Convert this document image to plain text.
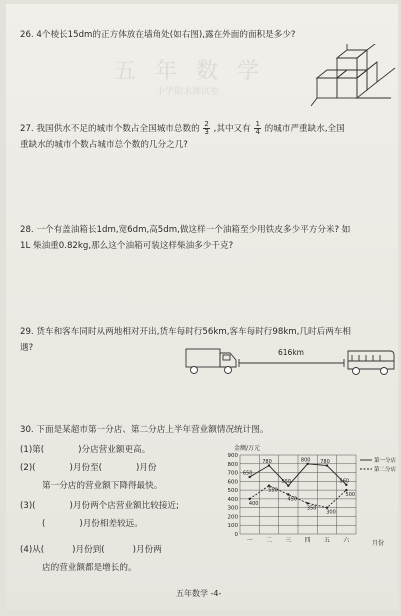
五 年 数 学
小学期末测试卷
26. 4个棱长15dm的正方体放在墙角处(如右图),露在外面的面积是多少?
27. 我国供水不足的城市个数占全国城市总数的 $\frac{2}{3}$ ,其中又有 $\frac{1}{4}$ 的城市严重缺水,全国
重缺水的城市个数占城市总个数的几分之几?
28. 一个有盖油箱长1dm,宽6dm,高5dm,做这样一个油箱至少用铁皮多少平方分米? 如
1L 柴油重0.82kg,那么这个油箱可装这样柴油多少千克?
29. 货车和客车同时从两地相对开出,货车每时行56km,客车每时行98km,几时后两车相
遇?	616km
30. 下面是某超市第一分店、第二分店上半年营业额情况统计图。
(1)第(	)分店营业额更高。
(2)(	)月份至(	)月份
第一分店的营业额下降得最快。
(3)(	)月份两个店营业额比较接近;
(	)月份相差较远。
(4)从(	)月份到(	)月份两
店的营业额都是增长的。
金额/万元
月份
0
100
200
300
400
500
600
700
800
900
一 二 三 四 五 六
650
780
550
800 780
560
400
550
450
350
300
500
第一分店
第二分店
五年数学 -4-
